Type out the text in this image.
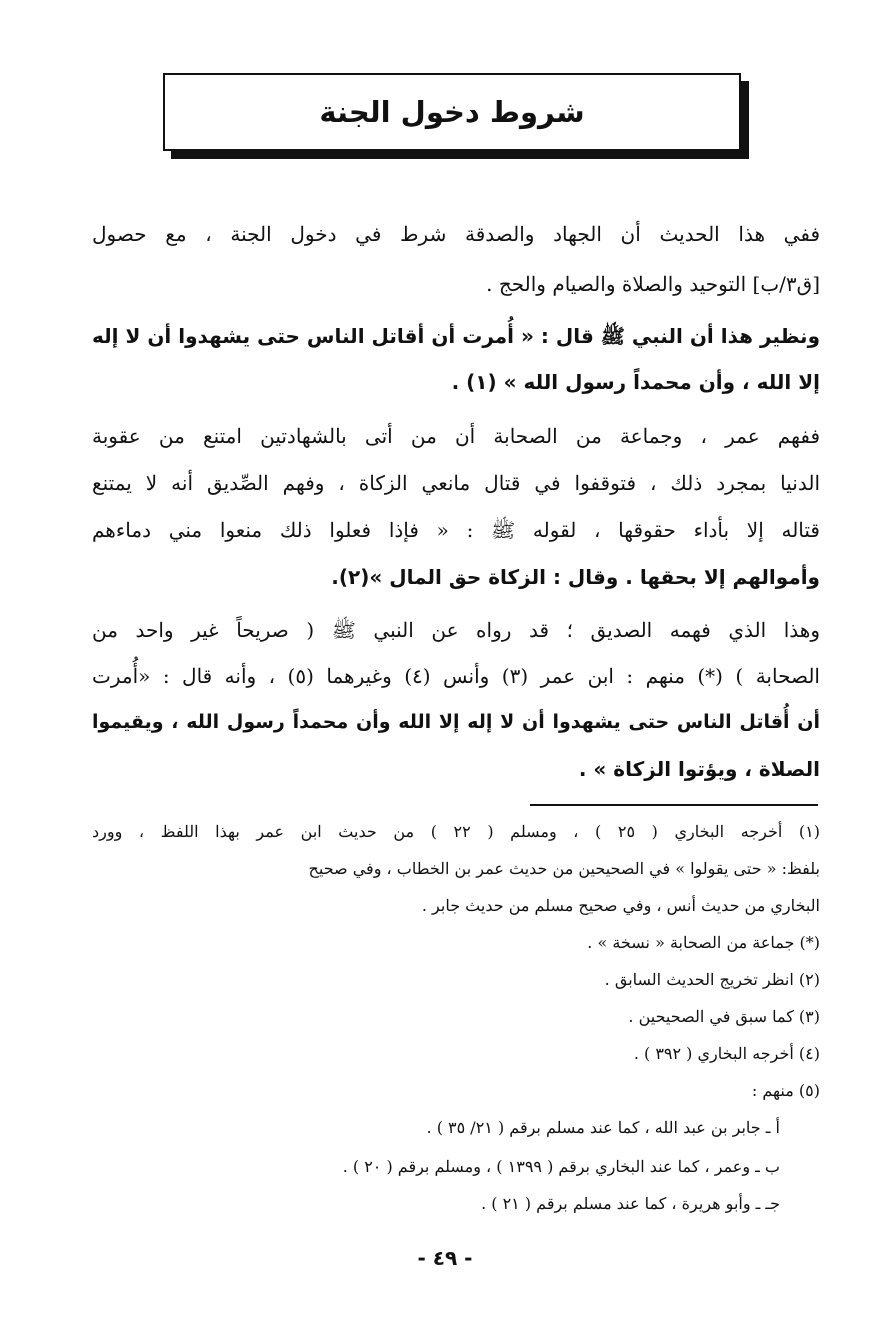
شروط دخول الجنة
ففي هذا الحديث أن الجهاد والصدقة شرط في دخول الجنة ، مع حصول
[ق٣/ب] التوحيد والصلاة والصيام والحج .
ونظير هذا أن النبي ﷺ قال : « أُمرت أن أقاتل الناس حتى يشهدوا أن لا إله
إلا الله ، وأن محمداً رسول الله » (١) .
ففهم عمر ، وجماعة من الصحابة أن من أتى بالشهادتين امتنع من عقوبة
الدنيا بمجرد ذلك ، فتوقفوا في قتال مانعي الزكاة ، وفهم الصِّديق أنه لا يمتنع
قتاله إلا بأداء حقوقها ، لقوله ﷺ : « فإذا فعلوا ذلك منعوا مني دماءهم
وأموالهم إلا بحقها . وقال : الزكاة حق المال »(٢).
وهذا الذي فهمه الصديق ؛ قد رواه عن النبي ﷺ ( صريحاً غير واحد من
الصحابة ) (*) منهم : ابن عمر (٣) وأنس (٤) وغيرهما (٥) ، وأنه قال : «أُمرت
أن أُقاتل الناس حتى يشهدوا أن لا إله إلا الله وأن محمداً رسول الله ، ويقيموا
الصلاة ، ويؤتوا الزكاة » .
(١) أخرجه البخاري ( ٢٥ ) ، ومسلم ( ٢٢ ) من حديث ابن عمر بهذا اللفظ ، وورد
بلفظ: « حتى يقولوا » في الصحيحين من حديث عمر بن الخطاب ، وفي صحيح
البخاري من حديث أنس ، وفي صحيح مسلم من حديث جابر .
(*) جماعة من الصحابة « نسخة » .
(٢) انظر تخريج الحديث السابق .
(٣) كما سبق في الصحيحين .
(٤) أخرجه البخاري ( ٣٩٢ ) .
(٥) منهم :
أ ـ جابر بن عبد الله ، كما عند مسلم برقم ( ٢١/ ٣٥ ) .
ب ـ وعمر ، كما عند البخاري برقم ( ١٣٩٩ ) ، ومسلم برقم ( ٢٠ ) .
جـ ـ وأبو هريرة ، كما عند مسلم برقم ( ٢١ ) .
- ٤٩ -
